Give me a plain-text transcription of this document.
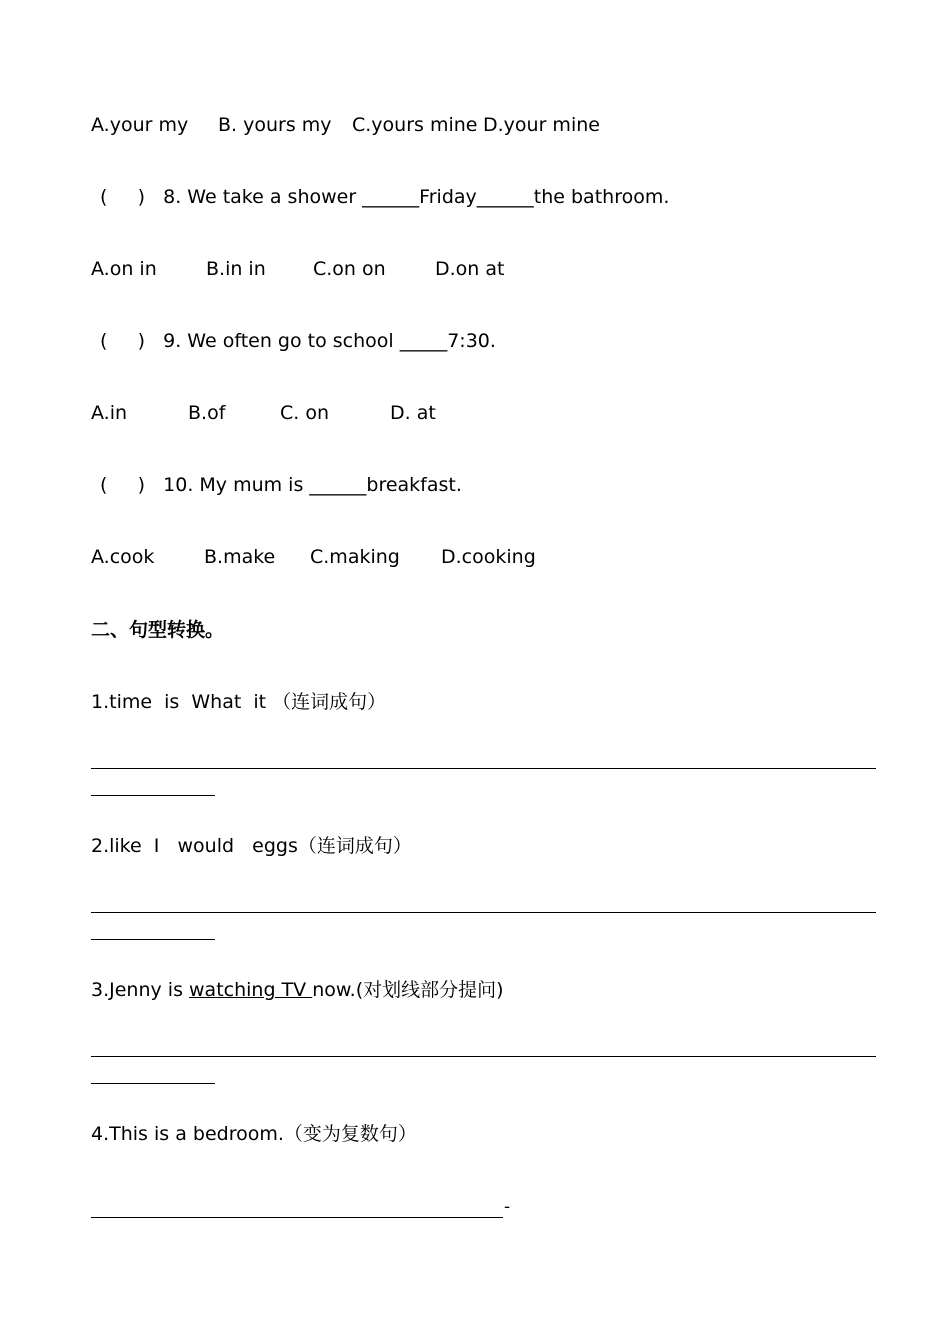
A.your my

B. yours my

C.yours mine

D.your mine

(     )   8. We take a shower ______Friday______the bathroom.

A.on in

	B.in in

C.on on

	D.on at

(     )   9. We often go to school _____7:30.

A.in

	B.of

	C. on

	D. at

(     )   10. My mum is ______breakfast.

A.cook

	B.make

C.making

D.cooking

二、句型转换。
1.time  is  What  it （连词成句）
2.like  I   would   eggs（连词成句）
3.Jenny is watching TV now.(对划线部分提问)
4.This is a bedroom.（变为复数句）
-
